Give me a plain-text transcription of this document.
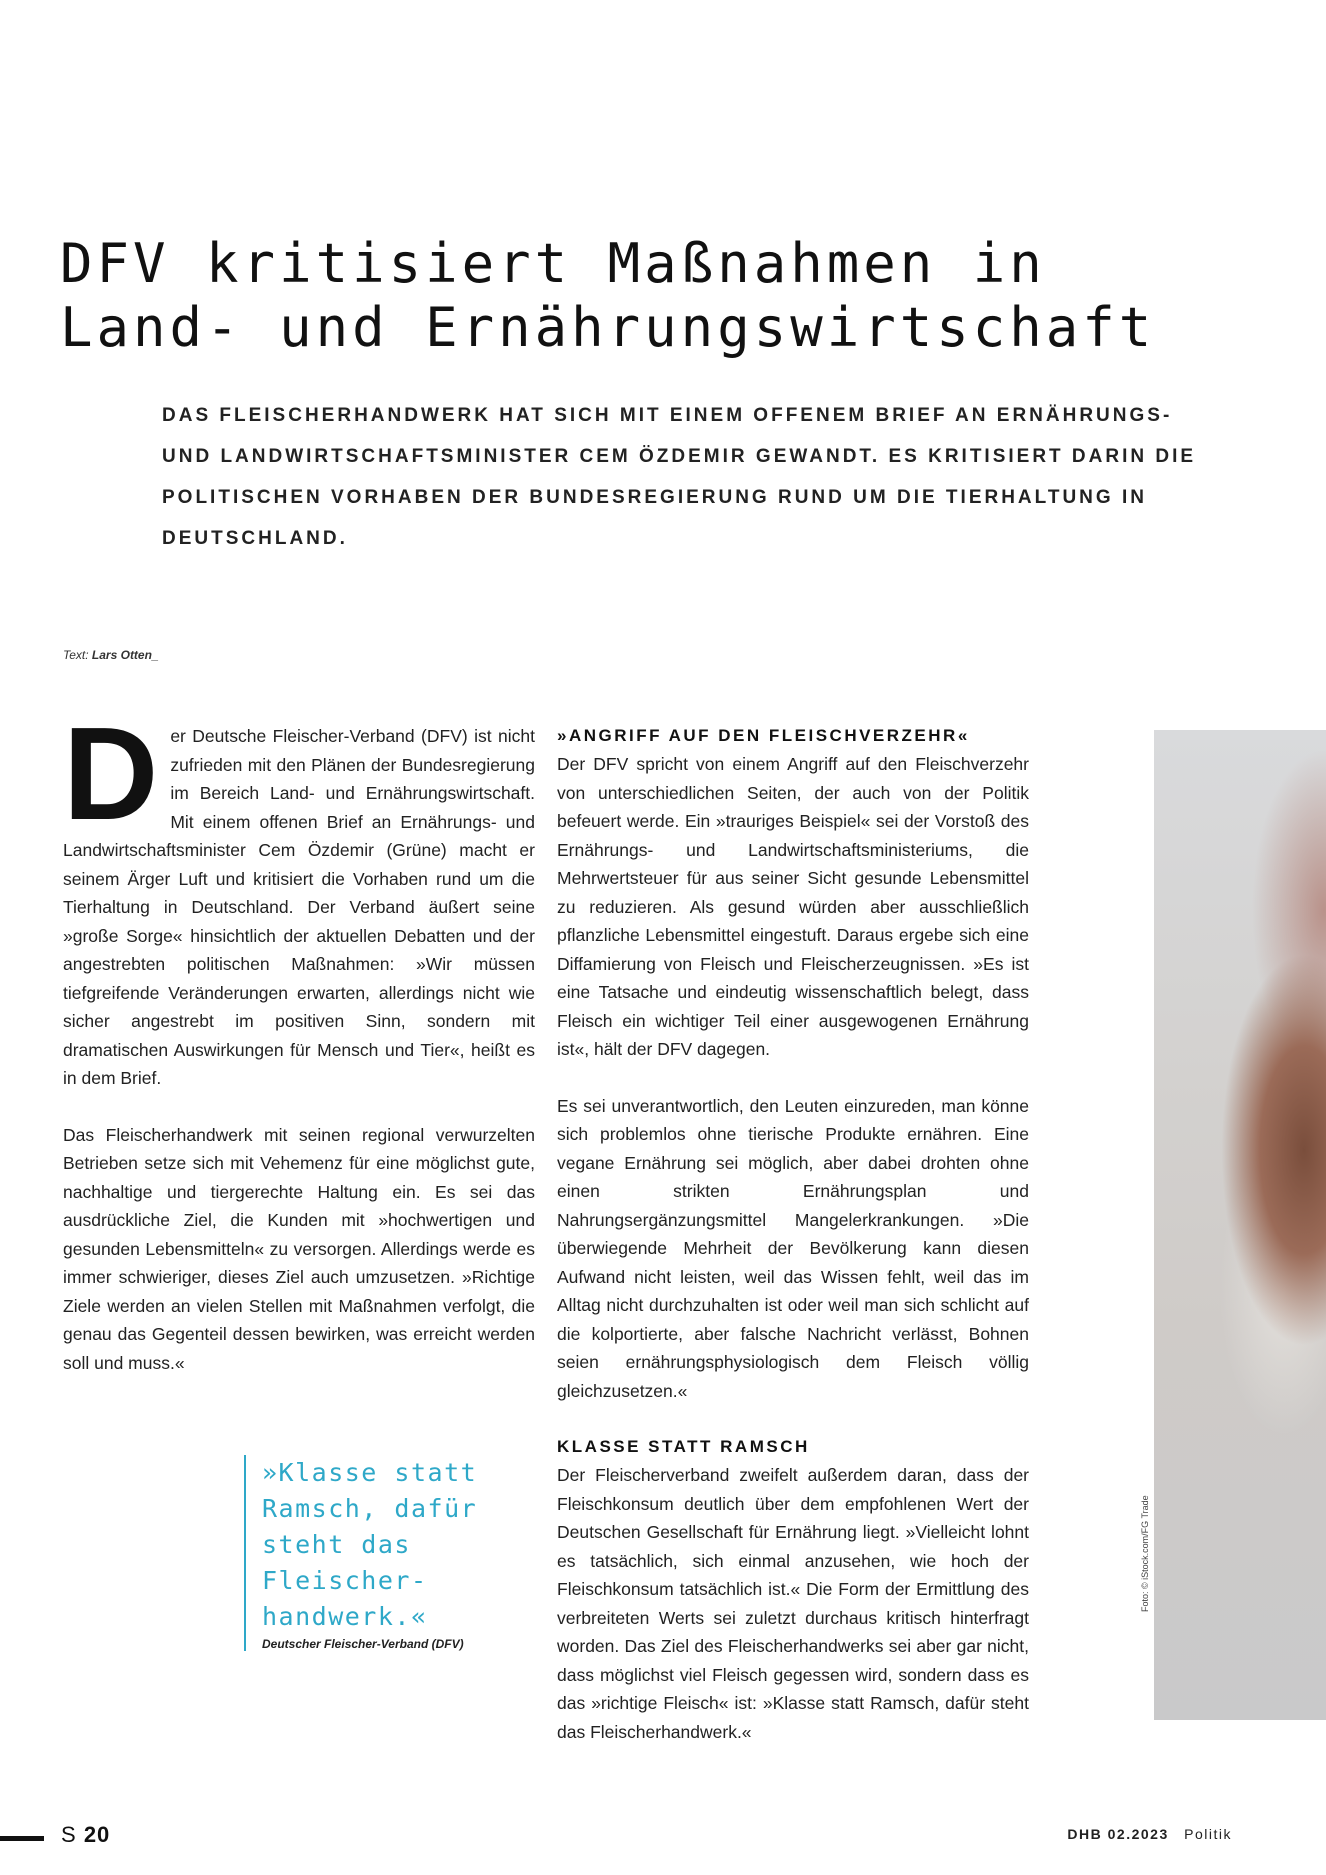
DFV kritisiert Maßnahmen in
Land- und Ernährungswirtschaft

DAS FLEISCHERHANDWERK HAT SICH MIT EINEM OFFENEM BRIEF AN ERNÄHRUNGS- UND LANDWIRTSCHAFTSMINISTER CEM ÖZDEMIR GEWANDT. ES KRITISIERT DARIN DIE POLITISCHEN VORHABEN DER BUNDESREGIERUNG RUND UM DIE TIERHALTUNG IN DEUTSCHLAND.

Text: Lars Otten_

D er Deutsche Fleischer-Verband (DFV) ist nicht zufrieden mit den Plänen der Bundesregierung im Bereich Land- und Ernährungswirtschaft. Mit einem offenen Brief an Ernährungs- und Landwirtschaftsminister Cem Özdemir (Grüne) macht er seinem Ärger Luft und kritisiert die Vorhaben rund um die Tierhaltung in Deutschland. Der Verband äußert seine »große Sorge« hinsichtlich der aktuellen Debatten und der angestrebten politischen Maßnahmen: »Wir müssen tiefgreifende Veränderungen erwarten, allerdings nicht wie sicher angestrebt im positiven Sinn, sondern mit dramatischen Auswirkungen für Mensch und Tier«, heißt es in dem Brief.

Das Fleischerhandwerk mit seinen regional verwurzelten Betrieben setze sich mit Vehemenz für eine möglichst gute, nachhaltige und tiergerechte Haltung ein. Es sei das ausdrückliche Ziel, die Kunden mit »hochwertigen und gesunden Lebensmitteln« zu versorgen. Allerdings werde es immer schwieriger, dieses Ziel auch umzusetzen. »Richtige Ziele werden an vielen Stellen mit Maßnahmen verfolgt, die genau das Gegenteil dessen bewirken, was erreicht werden soll und muss.«

»ANGRIFF AUF DEN FLEISCHVERZEHR«

Der DFV spricht von einem Angriff auf den Fleischverzehr von unterschiedlichen Seiten, der auch von der Politik befeuert werde. Ein »trauriges Beispiel« sei der Vorstoß des Ernährungs- und Landwirtschaftsministeriums, die Mehrwertsteuer für aus seiner Sicht gesunde Lebensmittel zu reduzieren. Als gesund würden aber ausschließlich pflanzliche Lebensmittel eingestuft. Daraus ergebe sich eine Diffamierung von Fleisch und Fleischerzeugnissen. »Es ist eine Tatsache und eindeutig wissenschaftlich belegt, dass Fleisch ein wichtiger Teil einer ausgewogenen Ernährung ist«, hält der DFV dagegen.

Es sei unverantwortlich, den Leuten einzureden, man könne sich problemlos ohne tierische Produkte ernähren. Eine vegane Ernährung sei möglich, aber dabei drohten ohne einen strikten Ernährungsplan und Nahrungsergänzungsmittel Mangelerkrankungen. »Die überwiegende Mehrheit der Bevölkerung kann diesen Aufwand nicht leisten, weil das Wissen fehlt, weil das im Alltag nicht durchzuhalten ist oder weil man sich schlicht auf die kolportierte, aber falsche Nachricht verlässt, Bohnen seien ernährungsphysiologisch dem Fleisch völlig gleichzusetzen.«

KLASSE STATT RAMSCH

Der Fleischerverband zweifelt außerdem daran, dass der Fleischkonsum deutlich über dem empfohlenen Wert der Deutschen Gesellschaft für Ernährung liegt. »Vielleicht lohnt es tatsächlich, sich einmal anzusehen, wie hoch der Fleischkonsum tatsächlich ist.« Die Form der Ermittlung des verbreiteten Werts sei zuletzt durchaus kritisch hinterfragt worden. Das Ziel des Fleischerhandwerks sei aber gar nicht, dass möglichst viel Fleisch gegessen wird, sondern dass es das »richtige Fleisch« ist: »Klasse statt Ramsch, dafür steht das Fleischerhandwerk.«

»Klasse statt Ramsch, dafür steht das Fleischer-handwerk.«

Deutscher Fleischer-Verband (DFV)
Foto: © iStock.com/FG Trade
S 20	DHB 02.2023 Politik
